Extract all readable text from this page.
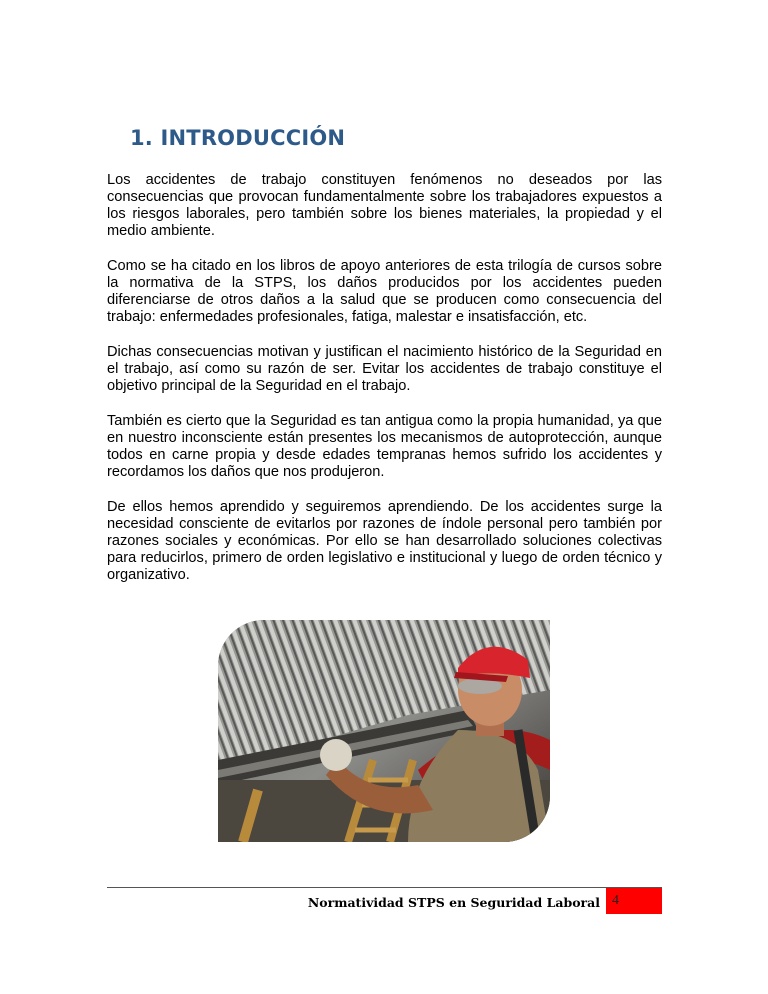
1. INTRODUCCIÓN

Los accidentes de trabajo constituyen fenómenos no deseados por las consecuencias que provocan fundamentalmente sobre los trabajadores expuestos a los riesgos laborales, pero también sobre los bienes materiales, la propiedad y el medio ambiente.

Como se ha citado en los libros de apoyo anteriores de esta trilogía de cursos sobre la normativa de la STPS, los daños producidos por los accidentes pueden diferenciarse de otros daños a la salud que se producen como consecuencia del trabajo: enfermedades profesionales, fatiga, malestar e insatisfacción, etc.

Dichas consecuencias motivan y justifican el nacimiento histórico de la Seguridad en el trabajo, así como su razón de ser. Evitar los accidentes de trabajo constituye el objetivo principal de la Seguridad en el trabajo.

También es cierto que la Seguridad es tan antigua como la propia humanidad, ya que en nuestro inconsciente están presentes los mecanismos de autoprotección, aunque todos en carne propia y desde edades tempranas hemos sufrido los accidentes y recordamos los daños que nos produjeron.

De ellos hemos aprendido y seguiremos aprendiendo. De los accidentes surge la necesidad consciente de evitarlos por razones de índole personal pero también por razones sociales y económicas. Por ello se han desarrollado soluciones colectivas para reducirlos, primero de orden legislativo e institucional y luego de orden técnico y organizativo.

Normatividad STPS en Seguridad Laboral 4
